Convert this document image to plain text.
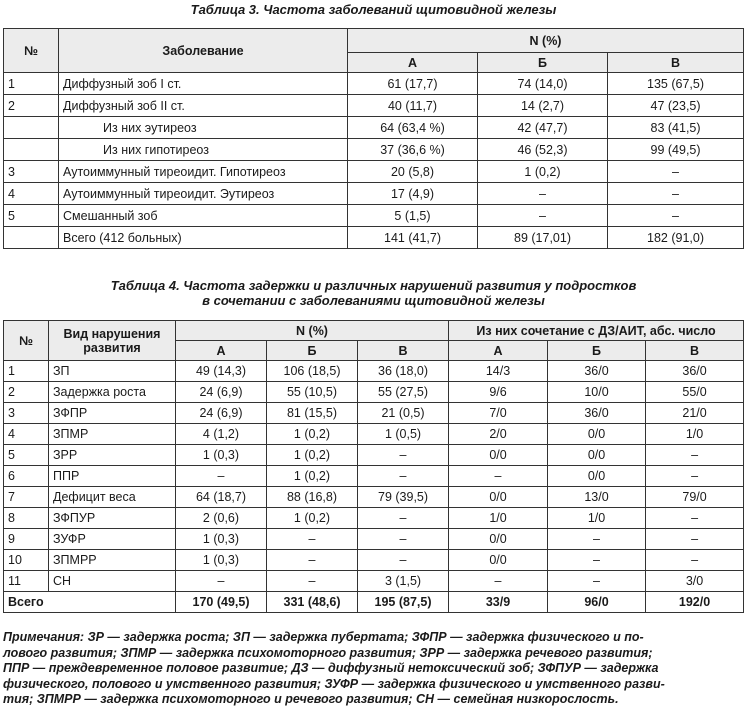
Таблица 3. Частота заболеваний щитовидной железы
№	Заболевание	N (%)		
		А	Б	В
1	Диффузный зоб I ст.	61 (17,7)	74 (14,0)	135 (67,5)
2	Диффузный зоб II ст.	40 (11,7)	14 (2,7)	47 (23,5)
	Из них эутиреоз	64 (63,4 %)	42 (47,7)	83 (41,5)
	Из них гипотиреоз	37 (36,6 %)	46 (52,3)	99 (49,5)
3	Аутоиммунный тиреоидит. Гипотиреоз	20 (5,8)	1 (0,2)	–
4	Аутоиммунный тиреоидит. Эутиреоз	17 (4,9)	–	–
5	Смешанный зоб	5 (1,5)	–	–
	Всего (412 больных)	141 (41,7)	89 (17,01)	182 (91,0)
Таблица 4. Частота задержки и различных нарушений развития у подростков
в сочетании с заболеваниями щитовидной железы
№	Вид нарушения развития	N (%)			Из них сочетание с ДЗ/АИТ, абс. число		
		А	Б	В	А	Б	В
1	ЗП	49 (14,3)	106 (18,5)	36 (18,0)	14/3	36/0	36/0
2	Задержка роста	24 (6,9)	55 (10,5)	55 (27,5)	9/6	10/0	55/0
3	ЗФПР	24 (6,9)	81 (15,5)	21 (0,5)	7/0	36/0	21/0
4	ЗПМР	4 (1,2)	1 (0,2)	1 (0,5)	2/0	0/0	1/0
5	ЗРР	1 (0,3)	1 (0,2)	–	0/0	0/0	–
6	ППР	–	1 (0,2)	–	–	0/0	–
7	Дефицит веса	64 (18,7)	88 (16,8)	79 (39,5)	0/0	13/0	79/0
8	ЗФПУР	2 (0,6)	1 (0,2)	–	1/0	1/0	–
9	ЗУФР	1 (0,3)	–	–	0/0	–	–
10	ЗПМРР	1 (0,3)	–	–	0/0	–	–
11	СН	–	–	3 (1,5)	–	–	3/0
Всего		170 (49,5)	331 (48,6)	195 (87,5)	33/9	96/0	192/0
Примечания: ЗР — задержка роста; ЗП — задержка пубертата; ЗФПР — задержка физического и по-
лового развития; ЗПМР — задержка психомоторного развития; ЗРР — задержка речевого развития;
ППР — преждевременное половое развитие; ДЗ — диффузный нетоксический зоб; ЗФПУР — задержка
физического, полового и умственного развития; ЗУФР — задержка физического и умственного разви-
тия; ЗПМРР — задержка психомоторного и речевого развития; СН — семейная низкорослость.
